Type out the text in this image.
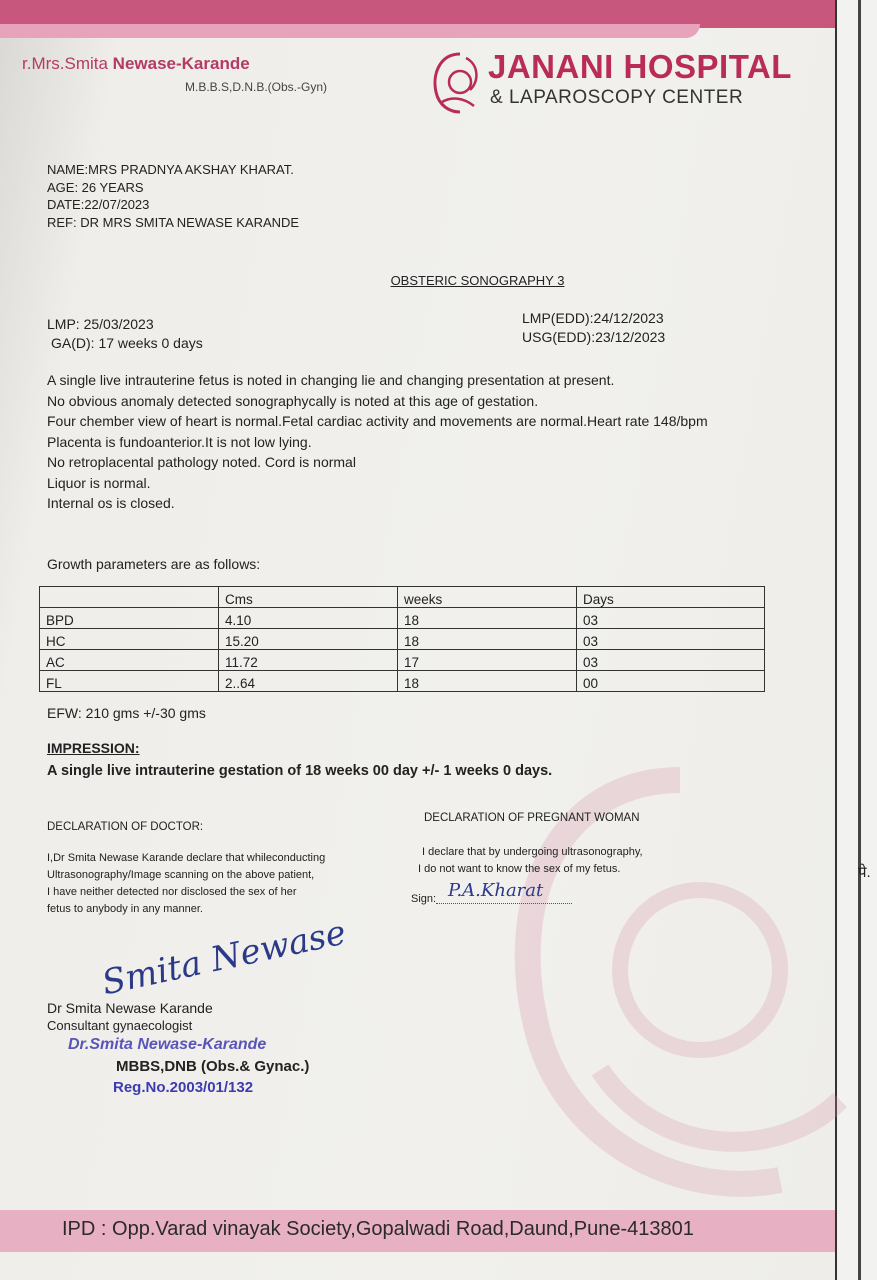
r.Mrs.Smita Newase-Karande
M.B.B.S,D.N.B.(Obs.-Gyn)
JANANI HOSPITAL
& LAPAROSCOPY CENTER
NAME:MRS PRADNYA AKSHAY KHARAT.
AGE: 26 YEARS
DATE:22/07/2023
REF: DR MRS SMITA NEWASE KARANDE
OBSTERIC SONOGRAPHY 3
LMP: 25/03/2023
GA(D): 17 weeks 0 days
LMP(EDD):24/12/2023
USG(EDD):23/12/2023
A single live intrauterine fetus is noted in changing lie and changing presentation at present.
No obvious anomaly detected sonographycally is noted at this age of gestation.
Four chember view of heart is normal.Fetal cardiac activity and movements are normal.Heart rate 148/bpm
Placenta is fundoanterior.It is not low lying.
No retroplacental pathology noted. Cord is normal
Liquor is normal.
Internal os is closed.
Growth parameters are as follows:
	Cms	weeks	Days
BPD	4.10	18	03
HC	15.20	18	03
AC	11.72	17	03
FL	2..64	18	00
EFW: 210 gms +/-30 gms
IMPRESSION:
A single live intrauterine gestation of 18 weeks 00 day +/- 1 weeks 0 days.
DECLARATION OF DOCTOR:
I,Dr Smita Newase Karande declare that whileconducting
Ultrasonography/Image scanning on the above patient,
I have neither detected nor disclosed the sex of her
fetus to anybody in any manner.
DECLARATION OF PREGNANT WOMAN
I declare that by undergoing ultrasonography,
I do not want to know the sex of my fetus.
Sign: P.A.Kharat
Smita Newase
Dr Smita Newase Karande
Consultant gynaecologist
Dr.Smita Newase-Karande
MBBS,DNB (Obs.& Gynac.)
Reg.No.2003/01/132
पे.
IPD : Opp.Varad vinayak Society,Gopalwadi Road,Daund,Pune-413801
